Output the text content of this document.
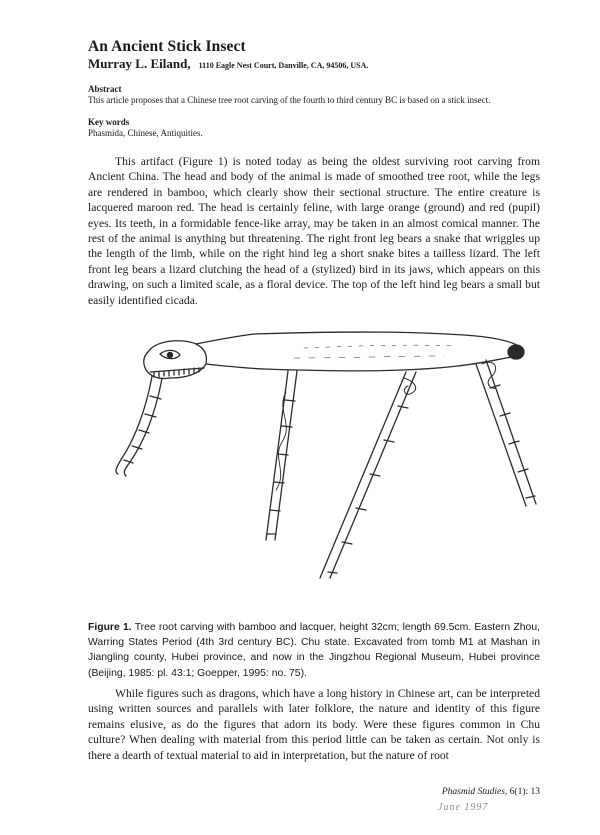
An Ancient Stick Insect
Murray L. Eiland, 1110 Eagle Nest Court, Danville, CA, 94506, USA.

Abstract

This article proposes that a Chinese tree root carving of the fourth to third century BC is based on a stick insect.

Key words

Phasmida, Chinese, Antiquities.

This artifact (Figure 1) is noted today as being the oldest surviving root carving from Ancient China. The head and body of the animal is made of smoothed tree root, while the legs are rendered in bamboo, which clearly show their sectional structure. The entire creature is lacquered maroon red. The head is certainly feline, with large orange (ground) and red (pupil) eyes. Its teeth, in a formidable fence-like array, may be taken in an almost comical manner. The rest of the animal is anything but threatening. The right front leg bears a snake that wriggles up the length of the limb, while on the right hind leg a short snake bites a tailless lizard. The left front leg bears a lizard clutching the head of a (stylized) bird in its jaws, which appears on this drawing, on such a limited scale, as a floral device. The top of the left hind leg bears a small but easily identified cicada.

Figure 1. Tree root carving with bamboo and lacquer, height 32cm; length 69.5cm. Eastern Zhou, Warring States Period (4th 3rd century BC). Chu state. Excavated from tomb M1 at Mashan in Jiangling county, Hubei province, and now in the Jingzhou Regional Museum, Hubei province (Beijing, 1985: pl. 43:1; Goepper, 1995: no. 75).

While figures such as dragons, which have a long history in Chinese art, can be interpreted using written sources and parallels with later folklore, the nature and identity of this figure remains elusive, as do the figures that adorn its body. Were these figures common in Chu culture? When dealing with material from this period little can be taken as certain. Not only is there a dearth of textual material to aid in interpretation, but the nature of root

Phasmid Studies, 6(1): 13

June 1997
